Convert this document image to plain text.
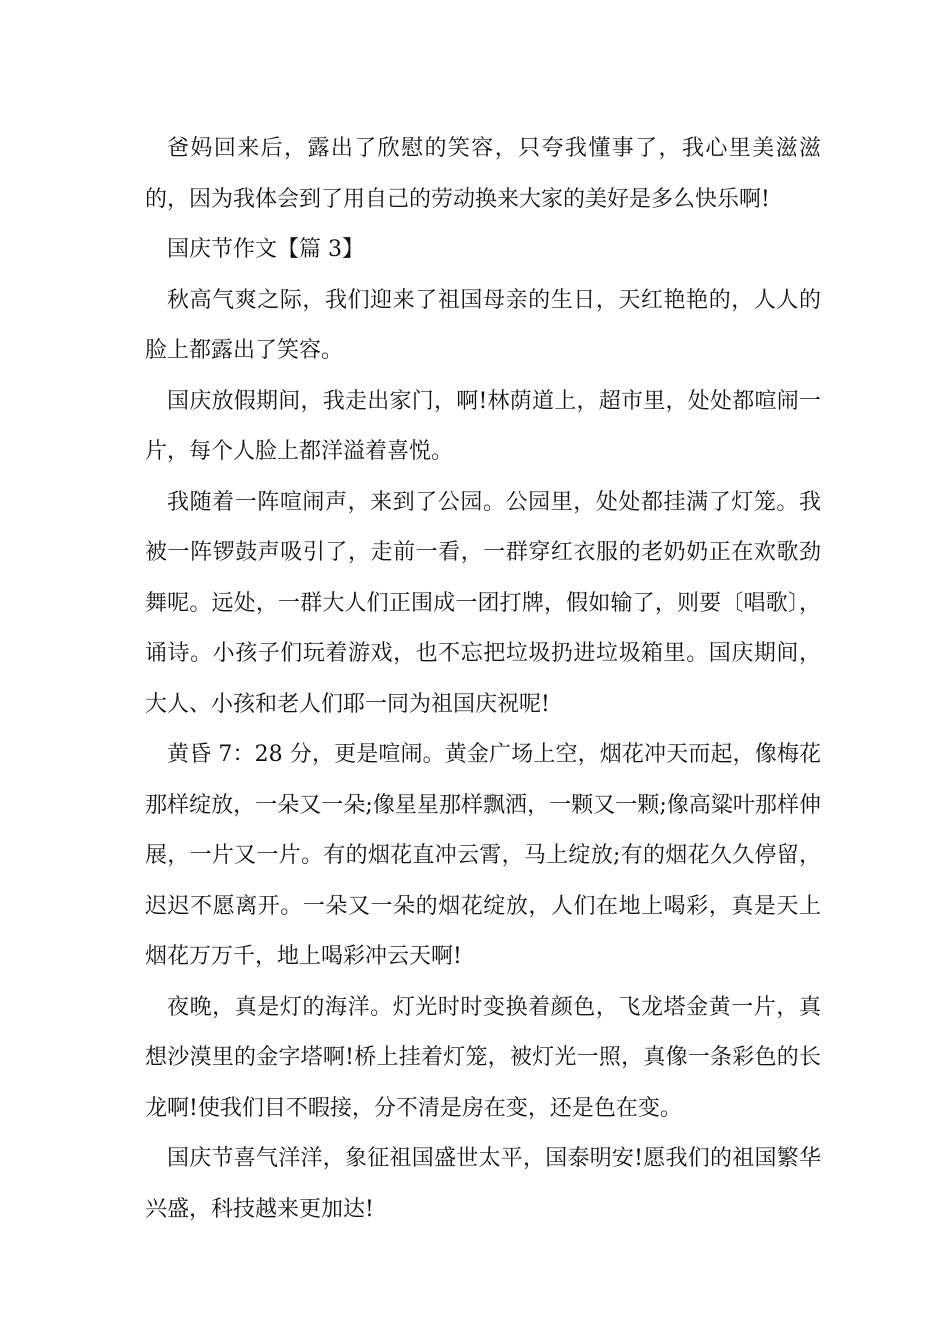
爸妈回来后，露出了欣慰的笑容，只夸我懂事了，我心里美滋滋的，因为我体会到了用自己的劳动换来大家的美好是多么快乐啊!

国庆节作文【篇 3】

秋高气爽之际，我们迎来了祖国母亲的生日，天红艳艳的，人人的脸上都露出了笑容。

国庆放假期间，我走出家门，啊!林荫道上，超市里，处处都喧闹一片，每个人脸上都洋溢着喜悦。

我随着一阵喧闹声，来到了公园。公园里，处处都挂满了灯笼。我被一阵锣鼓声吸引了，走前一看，一群穿红衣服的老奶奶正在欢歌劲舞呢。远处，一群大人们正围成一团打牌，假如输了，则要〔唱歌〕，诵诗。小孩子们玩着游戏，也不忘把垃圾扔进垃圾箱里。国庆期间，大人、小孩和老人们耶一同为祖国庆祝呢!

黄昏 7：28 分，更是喧闹。黄金广场上空，烟花冲天而起，像梅花那样绽放，一朵又一朵;像星星那样飘洒，一颗又一颗;像高粱叶那样伸展，一片又一片。有的烟花直冲云霄，马上绽放;有的烟花久久停留，迟迟不愿离开。一朵又一朵的烟花绽放，人们在地上喝彩，真是天上烟花万万千，地上喝彩冲云天啊!

夜晚，真是灯的海洋。灯光时时变换着颜色，飞龙塔金黄一片，真想沙漠里的金字塔啊!桥上挂着灯笼，被灯光一照，真像一条彩色的长龙啊!使我们目不暇接，分不清是房在变，还是色在变。

国庆节喜气洋洋，象征祖国盛世太平，国泰明安!愿我们的祖国繁华兴盛，科技越来更加达!
